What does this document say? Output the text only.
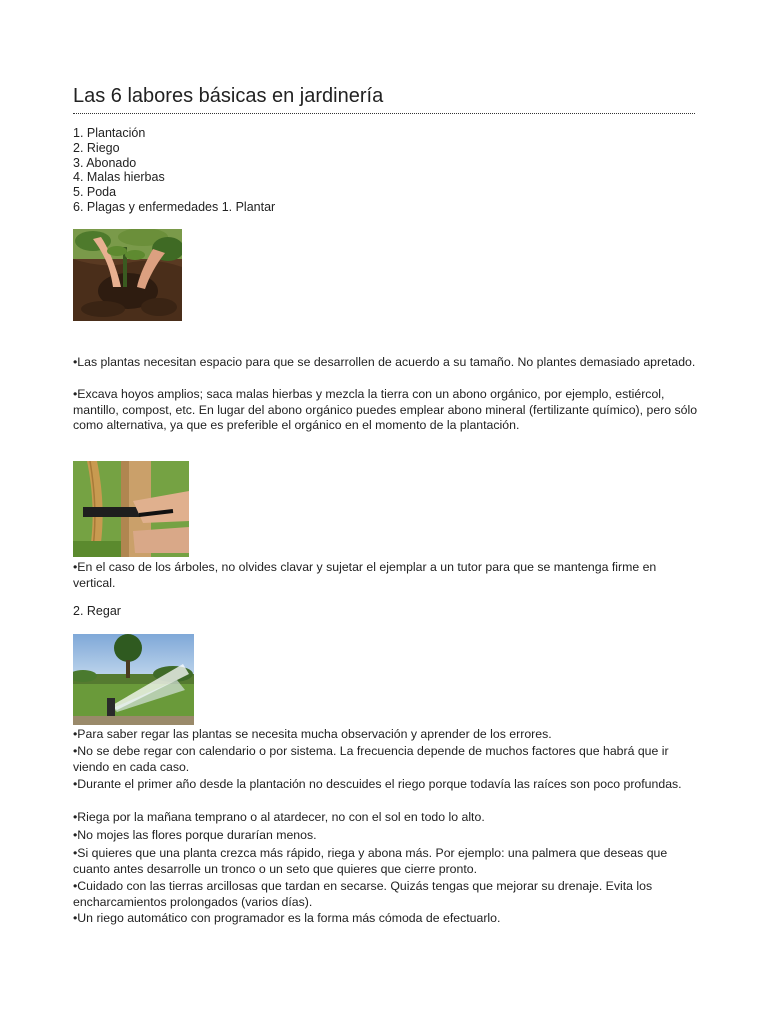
Las 6 labores básicas en jardinería
1. Plantación
2. Riego
3. Abonado
4. Malas hierbas
5. Poda
6. Plagas y enfermedades 1. Plantar

•Las plantas necesitan espacio para que se desarrollen de acuerdo a su tamaño. No plantes demasiado apretado.

•Excava hoyos amplios; saca malas hierbas y mezcla la tierra con un abono orgánico, por ejemplo, estiércol, mantillo, compost, etc. En lugar del abono orgánico puedes emplear abono mineral (fertilizante químico), pero sólo como alternativa, ya que es preferible el orgánico en el momento de la plantación.

•En el caso de los árboles, no olvides clavar y sujetar el ejemplar a un tutor para que se mantenga firme en vertical.

2. Regar

•Para saber regar las plantas se necesita mucha observación y aprender de los errores.

•No se debe regar con calendario o por sistema. La frecuencia depende de muchos factores que habrá que ir viendo en cada caso.

•Durante el primer año desde la plantación no descuides el riego porque todavía las raíces son poco profundas.

•Riega por la mañana temprano o al atardecer, no con el sol en todo lo alto.

•No mojes las flores porque durarían menos.

•Si quieres que una planta crezca más rápido, riega y abona más. Por ejemplo: una palmera que deseas que cuanto antes desarrolle un tronco o un seto que quieres que cierre pronto.

•Cuidado con las tierras arcillosas que tardan en secarse. Quizás tengas que mejorar su drenaje. Evita los encharcamientos prolongados (varios días).

•Un riego automático con programador es la forma más cómoda de efectuarlo.
